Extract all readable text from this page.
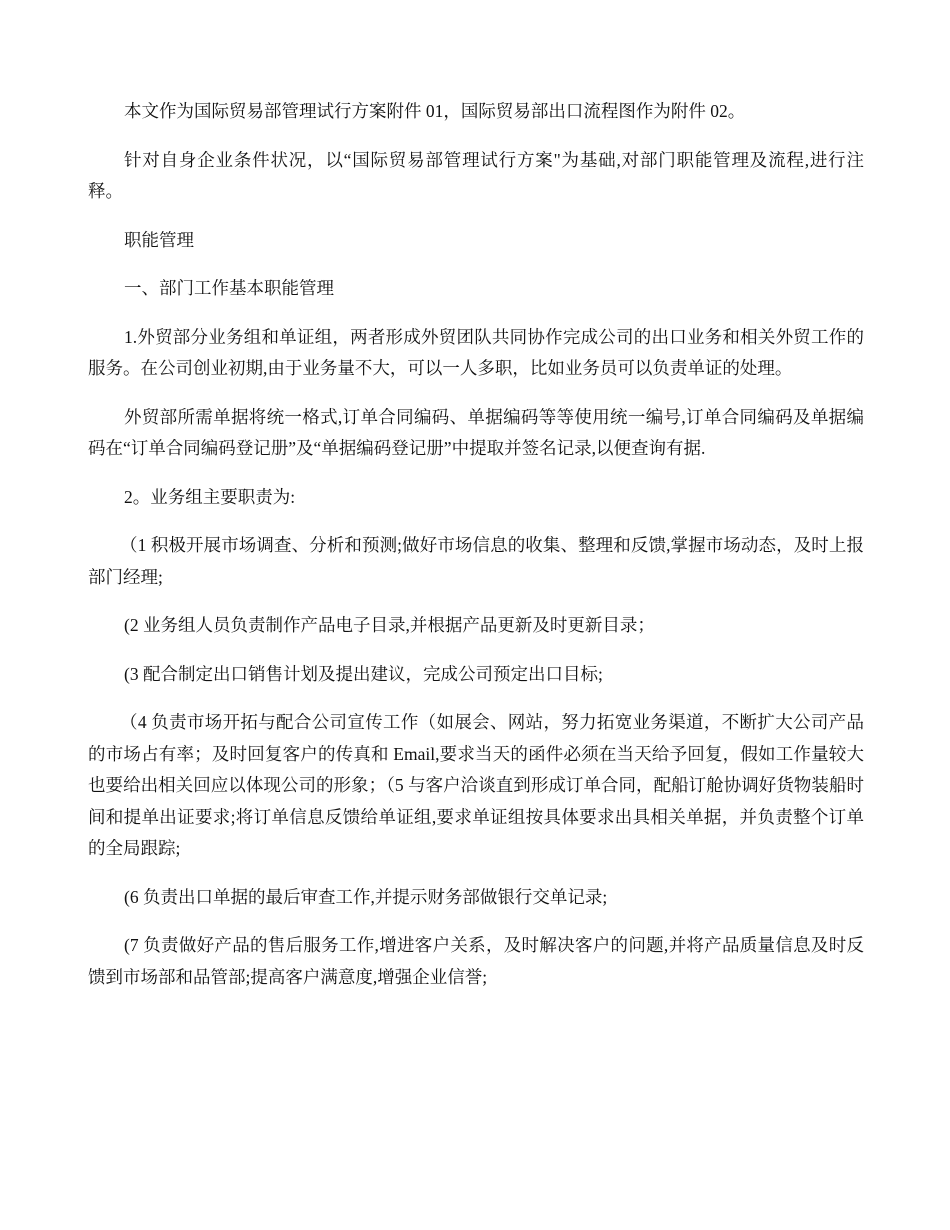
本文作为国际贸易部管理试行方案附件 01，国际贸易部出口流程图作为附件 02。

针对自身企业条件状况，以“国际贸易部管理试行方案"为基础,对部门职能管理及流程,进行注释。

职能管理

一、部门工作基本职能管理

1.外贸部分业务组和单证组，两者形成外贸团队共同协作完成公司的出口业务和相关外贸工作的服务。在公司创业初期,由于业务量不大，可以一人多职，比如业务员可以负责单证的处理。

外贸部所需单据将统一格式,订单合同编码、单据编码等等使用统一编号,订单合同编码及单据编码在“订单合同编码登记册”及“单据编码登记册”中提取并签名记录,以便查询有据.

2。业务组主要职责为:

（1 积极开展市场调查、分析和预测;做好市场信息的收集、整理和反馈,掌握市场动态，及时上报部门经理;

(2 业务组人员负责制作产品电子目录,并根据产品更新及时更新目录；

(3 配合制定出口销售计划及提出建议，完成公司预定出口目标;

（4 负责市场开拓与配合公司宣传工作（如展会、网站，努力拓宽业务渠道，不断扩大公司产品的市场占有率；及时回复客户的传真和 Email,要求当天的函件必须在当天给予回复，假如工作量较大也要给出相关回应以体现公司的形象；（5 与客户洽谈直到形成订单合同，配船订舱协调好货物装船时间和提单出证要求;将订单信息反馈给单证组,要求单证组按具体要求出具相关单据，并负责整个订单的全局跟踪;

(6 负责出口单据的最后审查工作,并提示财务部做银行交单记录;

(7 负责做好产品的售后服务工作,增进客户关系，及时解决客户的问题,并将产品质量信息及时反馈到市场部和品管部;提高客户满意度,增强企业信誉;
